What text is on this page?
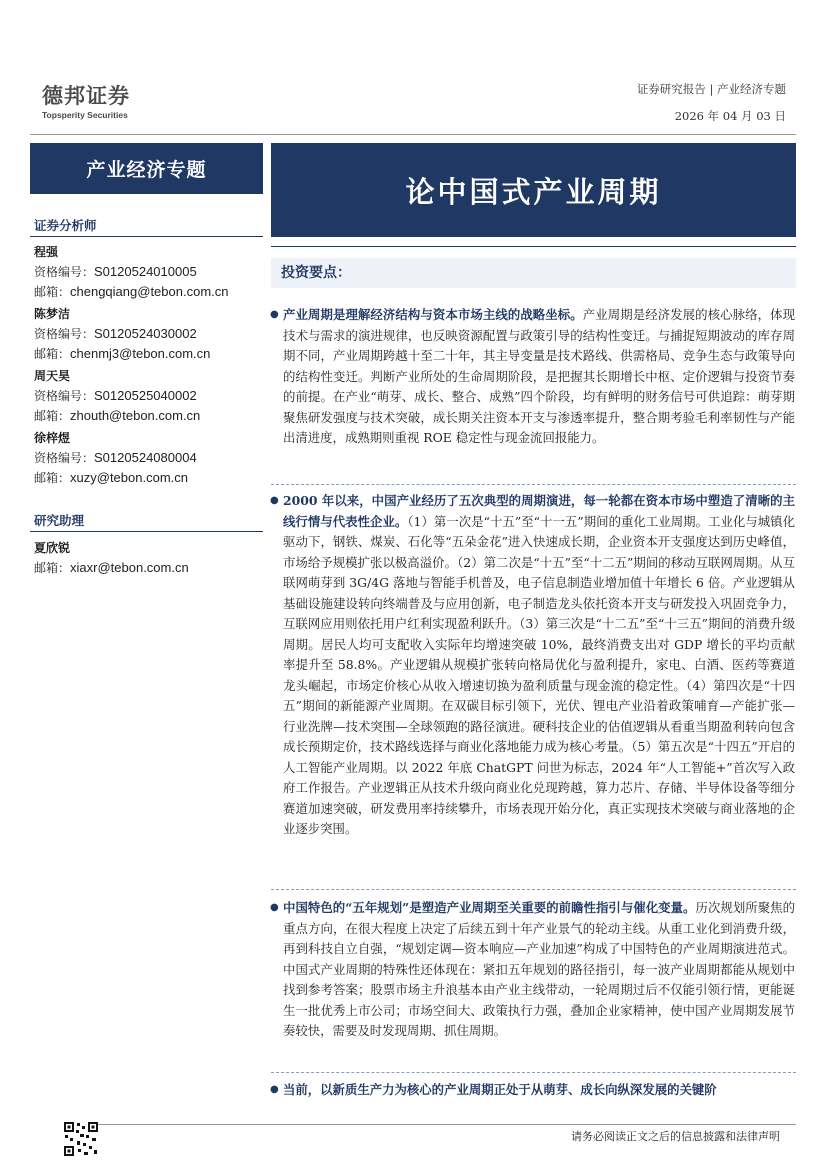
德邦证券
Topsperity Securities
证券研究报告 | 产业经济专题
2026 年 04 月 03 日
产业经济专题
证券分析师
程强
资格编号：S0120524010005
邮箱：chengqiang@tebon.com.cn
陈梦洁
资格编号：S0120524030002
邮箱：chenmj3@tebon.com.cn
周天昊
资格编号：S0120525040002
邮箱：zhouth@tebon.com.cn
徐梓煜
资格编号：S0120524080004
邮箱：xuzy@tebon.com.cn
研究助理
夏欣锐
邮箱：xiaxr@tebon.com.cn
论中国式产业周期
投资要点：
● 产业周期是理解经济结构与资本市场主线的战略坐标。产业周期是经济发展的核心脉络，体现技术与需求的演进规律，也反映资源配置与政策引导的结构性变迁。与捕捉短期波动的库存周期不同，产业周期跨越十至二十年，其主导变量是技术路线、供需格局、竞争生态与政策导向的结构性变迁。判断产业所处的生命周期阶段，是把握其长期增长中枢、定价逻辑与投资节奏的前提。在产业“萌芽、成长、整合、成熟”四个阶段，均有鲜明的财务信号可供追踪：萌芽期聚焦研发强度与技术突破，成长期关注资本开支与渗透率提升，整合期考验毛利率韧性与产能出清进度，成熟期则重视 ROE 稳定性与现金流回报能力。
● 2000 年以来，中国产业经历了五次典型的周期演进，每一轮都在资本市场中塑造了清晰的主线行情与代表性企业。（1）第一次是“十五”至“十一五”期间的重化工业周期。工业化与城镇化驱动下，钢铁、煤炭、石化等“五朵金花”进入快速成长期，企业资本开支强度达到历史峰值，市场给予规模扩张以极高溢价。（2）第二次是“十五”至“十二五”期间的移动互联网周期。从互联网萌芽到 3G/4G 落地与智能手机普及，电子信息制造业增加值十年增长 6 倍。产业逻辑从基础设施建设转向终端普及与应用创新，电子制造龙头依托资本开支与研发投入巩固竞争力，互联网应用则依托用户红利实现盈利跃升。（3）第三次是“十二五”至“十三五”期间的消费升级周期。居民人均可支配收入实际年均增速突破 10%，最终消费支出对 GDP 增长的平均贡献率提升至 58.8%。产业逻辑从规模扩张转向格局优化与盈利提升，家电、白酒、医药等赛道龙头崛起，市场定价核心从收入增速切换为盈利质量与现金流的稳定性。（4）第四次是“十四五”期间的新能源产业周期。在双碳目标引领下，光伏、锂电产业沿着政策哺育—产能扩张—行业洗牌—技术突围—全球领跑的路径演进。硬科技企业的估值逻辑从看重当期盈利转向包含成长预期定价，技术路线选择与商业化落地能力成为核心考量。（5）第五次是“十四五”开启的人工智能产业周期。以 2022 年底 ChatGPT 问世为标志，2024 年“人工智能+”首次写入政府工作报告。产业逻辑正从技术升级向商业化兑现跨越，算力芯片、存储、半导体设备等细分赛道加速突破，研发费用率持续攀升，市场表现开始分化，真正实现技术突破与商业落地的企业逐步突围。
● 中国特色的“五年规划”是塑造产业周期至关重要的前瞻性指引与催化变量。历次规划所聚焦的重点方向，在很大程度上决定了后续五到十年产业景气的轮动主线。从重工业化到消费升级，再到科技自立自强，“规划定调—资本响应—产业加速”构成了中国特色的产业周期演进范式。中国式产业周期的特殊性还体现在：紧扣五年规划的路径指引，每一波产业周期都能从规划中找到参考答案；股票市场主升浪基本由产业主线带动，一轮周期过后不仅能引领行情，更能诞生一批优秀上市公司；市场空间大、政策执行力强，叠加企业家精神，使中国产业周期发展节奏较快，需要及时发现周期、抓住周期。
● 当前，以新质生产力为核心的产业周期正处于从萌芽、成长向纵深发展的关键阶
请务必阅读正文之后的信息披露和法律声明
